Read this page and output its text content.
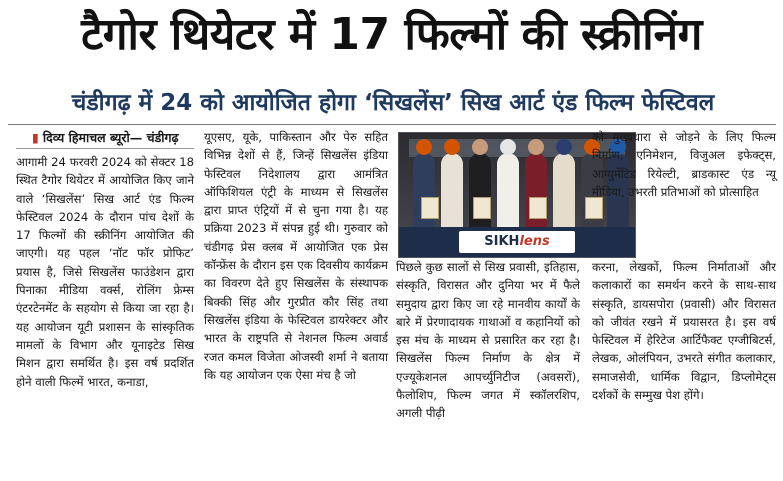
टैगोर थियेटर में 17 फिल्मों की स्क्रीनिंग
चंडीगढ़ में 24 को आयोजित होगा ‘सिखलेंस’ सिख आर्ट एंड फिल्म फेस्टिवल
▮ दिव्य हिमाचल ब्यूरो— चंडीगढ़

आगामी 24 फरवरी 2024 को सेक्टर 18 स्थित टैगोर थियेटर में आयोजित किए जाने वाले ‘सिखलेंस’ सिख आर्ट एंड फिल्म फेस्टिवल 2024 के दौरान पांच देशों के 17 फिल्मों की स्क्रीनिंग आयोजित की जाएगी। यह पहल ‘नॉट फॉर प्रोफिट’ प्रयास है, जिसे सिखलेंस फाउंडेशन द्वारा पिनाका मीडिया वर्क्स, रोलिंग फ्रेम्स एंटरटेनमेंट के सहयोग से किया जा रहा है। यह आयोजन यूटी प्रशासन के सांस्कृतिक मामलों के विभाग और यूनाइटेड सिख मिशन द्वारा समर्थित है। इस वर्ष प्रदर्शित होने वाली फिल्में भारत, कनाडा,

यूएसए, यूके, पाकिस्तान और पेरु सहित विभिन्न देशों से हैं, जिन्हें सिखलेंस इंडिया फेस्टिवल निदेशालय द्वारा आमंत्रित ऑफिशियल एंट्री के माध्यम से सिखलेंस द्वारा प्राप्त एंट्रियों में से चुना गया है। यह प्रक्रिया 2023 में संपन्न हुई थी। गुरुवार को चंडीगढ़ प्रेस क्लब में आयोजित एक प्रेस कॉन्फ्रेंस के दौरान इस एक दिवसीय कार्यक्रम का विवरण देते हुए सिखलेंस के संस्थापक बिक्की सिंह और गुरप्रीत कौर सिंह तथा सिखलेंस इंडिया के फेस्टिवल डायरेक्टर और भारत के राष्ट्रपति से नेशनल फिल्म अवार्ड रजत कमल विजेता ओजस्वी शर्मा ने बताया कि यह आयोजन एक ऐसा मंच है जो

SIKHlens

पिछले कुछ सालों से सिख प्रवासी, इतिहास, संस्कृति, विरासत और दुनिया भर में फैले समुदाय द्वारा किए जा रहे मानवीय कार्यों के बारे में प्रेरणादायक गाथाओं व कहानियों को इस मंच के माध्यम से प्रसारित कर रहा है। सिखलेंस फिल्म निर्माण के क्षेत्र में एज्यूकेशनल आपर्च्युनिटीज (अवसरों), फैलोशिप, फिल्म जगत में स्कॉलरशिप, अगली पीढ़ी

को मुख्यधारा से जोड़ने के लिए फिल्म निर्माण, एनिमेशन, विजुअल इफेक्ट्स, आग्युमेंटिड रियेल्टी, ब्राडकास्ट एंड न्यू मीडिया, उभरती प्रतिभाओं को प्रोत्साहित

करना, लेखकों, फिल्म निर्माताओं और कलाकारों का समर्थन करने के साथ-साथ संस्कृति, डायसपोरा (प्रवासी) और विरासत को जीवंत रखने में प्रयासरत है। इस वर्ष फेस्टिवल में हेरिटेज आर्टिफैक्ट एग्जीबिटर्स, लेखक, ओलंपियन, उभरते संगीत कलाकार, समाजसेवी, धार्मिक विद्वान, डिप्लोमेट्स दर्शकों के सम्मुख पेश होंगे।
